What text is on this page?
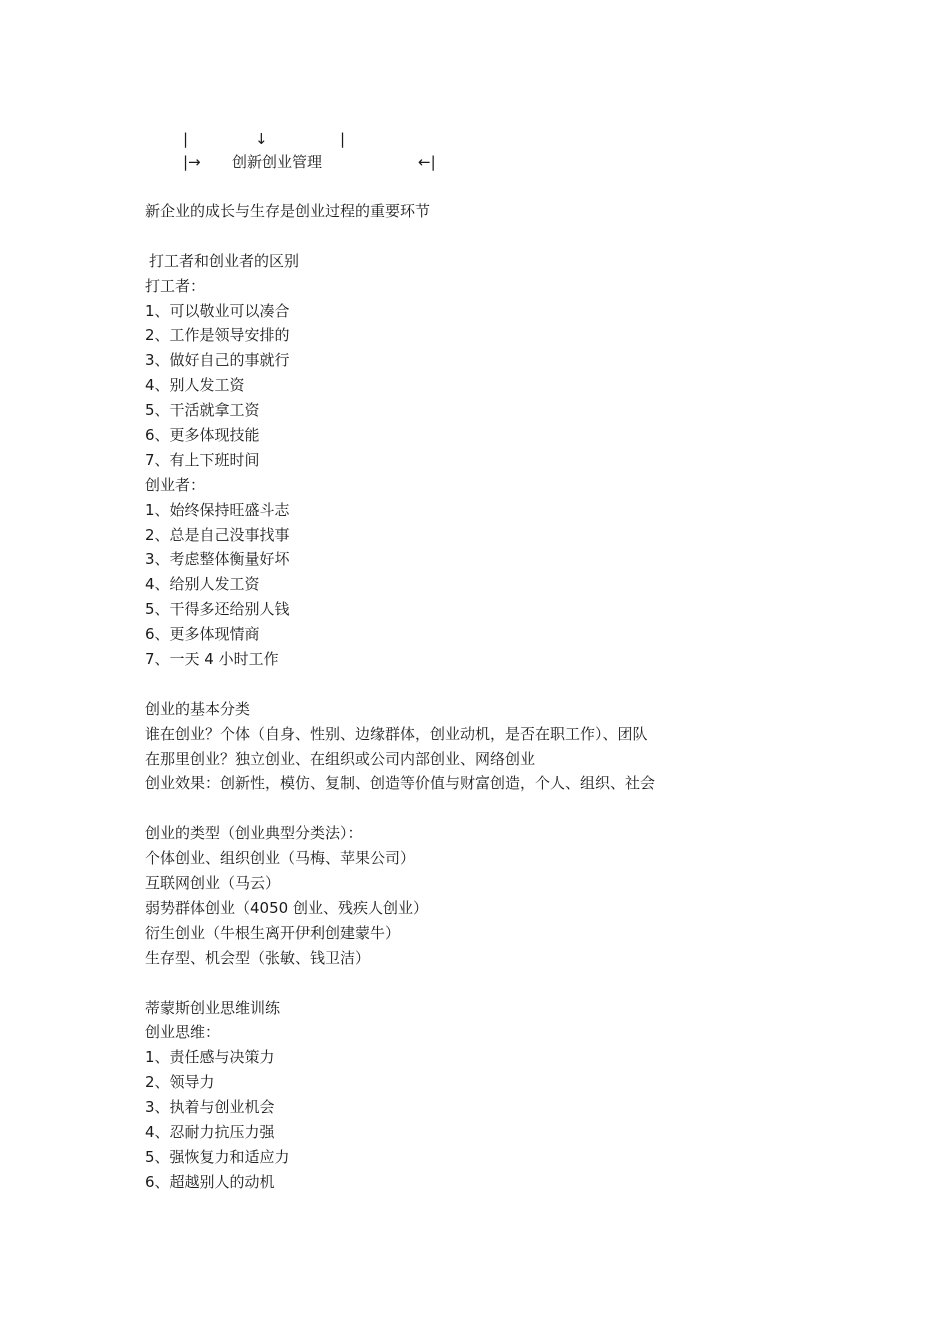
|	↓	|
|→ 创新创业管理	←|
新企业的成长与生存是创业过程的重要环节
打工者和创业者的区别
打工者：
1、可以敬业可以凑合
2、工作是领导安排的
3、做好自己的事就行
4、别人发工资
5、干活就拿工资
6、更多体现技能
7、有上下班时间
创业者：
1、始终保持旺盛斗志
2、总是自己没事找事
3、考虑整体衡量好坏
4、给别人发工资
5、干得多还给别人钱
6、更多体现情商
7、一天 4 小时工作
创业的基本分类
谁在创业？个体（自身、性别、边缘群体，创业动机，是否在职工作）、团队
在那里创业？独立创业、在组织或公司内部创业、网络创业
创业效果：创新性，模仿、复制、创造等价值与财富创造，个人、组织、社会
创业的类型（创业典型分类法）：
个体创业、组织创业（马梅、苹果公司）
互联网创业（马云）
弱势群体创业（4050 创业、残疾人创业）
衍生创业（牛根生离开伊利创建蒙牛）
生存型、机会型（张敏、钱卫洁）
蒂蒙斯创业思维训练
创业思维：
1、责任感与决策力
2、领导力
3、执着与创业机会
4、忍耐力抗压力强
5、强恢复力和适应力
6、超越别人的动机
